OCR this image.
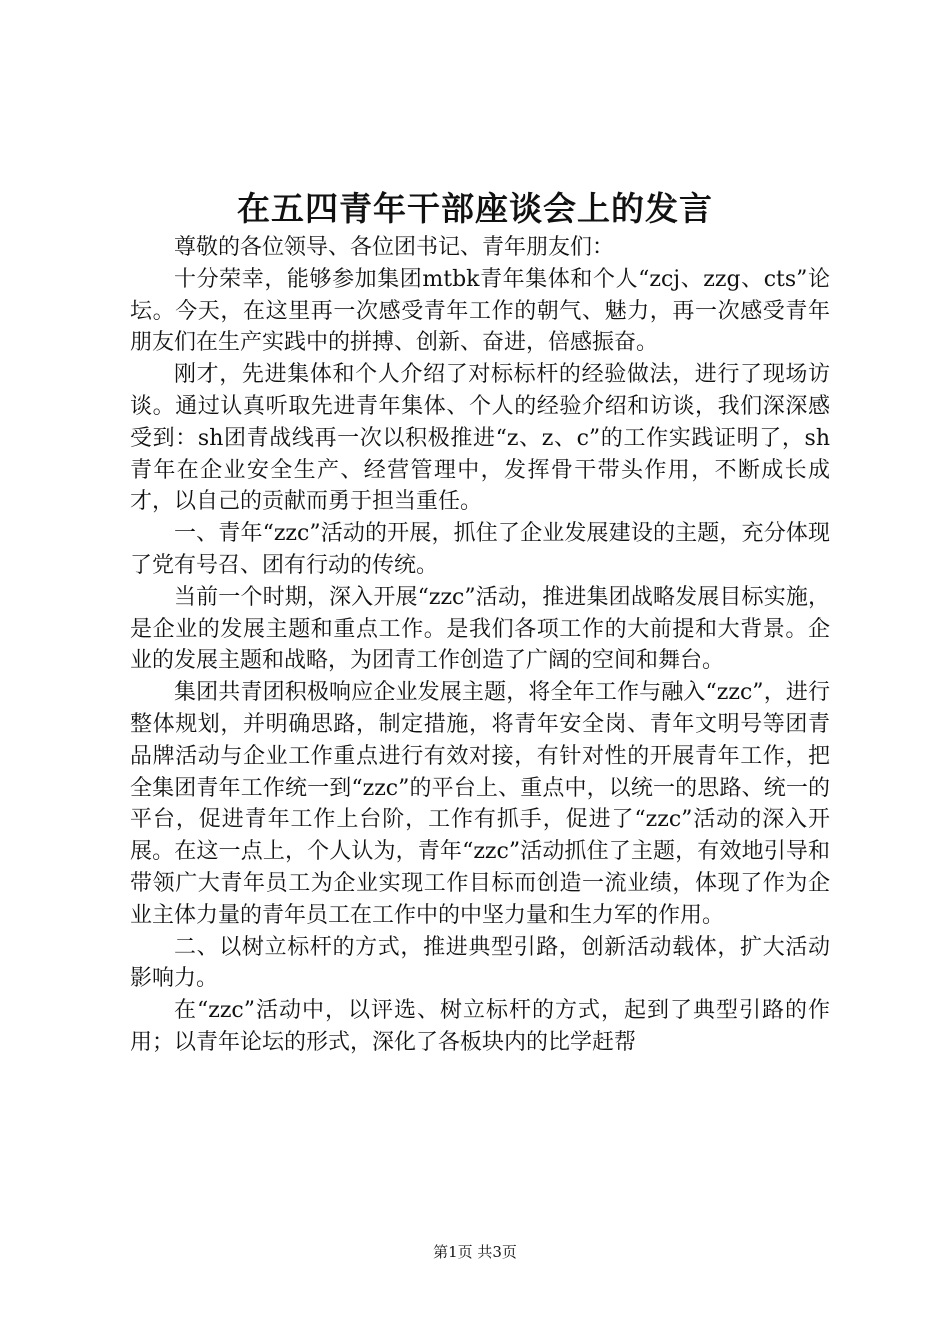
在五四青年干部座谈会上的发言

尊敬的各位领导、各位团书记、青年朋友们：

十分荣幸，能够参加集团mtbk青年集体和个人“zcj、zzg、cts”论坛。今天，在这里再一次感受青年工作的朝气、魅力，再一次感受青年朋友们在生产实践中的拼搏、创新、奋进，倍感振奋。

刚才，先进集体和个人介绍了对标标杆的经验做法，进行了现场访谈。通过认真听取先进青年集体、个人的经验介绍和访谈，我们深深感受到：sh团青战线再一次以积极推进“z、z、c”的工作实践证明了，sh青年在企业安全生产、经营管理中，发挥骨干带头作用，不断成长成才，以自己的贡献而勇于担当重任。

一、青年“zzc”活动的开展，抓住了企业发展建设的主题，充分体现了党有号召、团有行动的传统。

当前一个时期，深入开展“zzc”活动，推进集团战略发展目标实施，是企业的发展主题和重点工作。是我们各项工作的大前提和大背景。企业的发展主题和战略，为团青工作创造了广阔的空间和舞台。

集团共青团积极响应企业发展主题，将全年工作与融入“zzc”，进行整体规划，并明确思路，制定措施，将青年安全岗、青年文明号等团青品牌活动与企业工作重点进行有效对接，有针对性的开展青年工作，把全集团青年工作统一到“zzc”的平台上、重点中，以统一的思路、统一的平台，促进青年工作上台阶，工作有抓手，促进了“zzc”活动的深入开展。在这一点上，个人认为，青年“zzc”活动抓住了主题，有效地引导和带领广大青年员工为企业实现工作目标而创造一流业绩，体现了作为企业主体力量的青年员工在工作中的中坚力量和生力军的作用。

二、以树立标杆的方式，推进典型引路，创新活动载体，扩大活动影响力。

在“zzc”活动中，以评选、树立标杆的方式，起到了典型引路的作用；以青年论坛的形式，深化了各板块内的比学赶帮

第1页 共3页
